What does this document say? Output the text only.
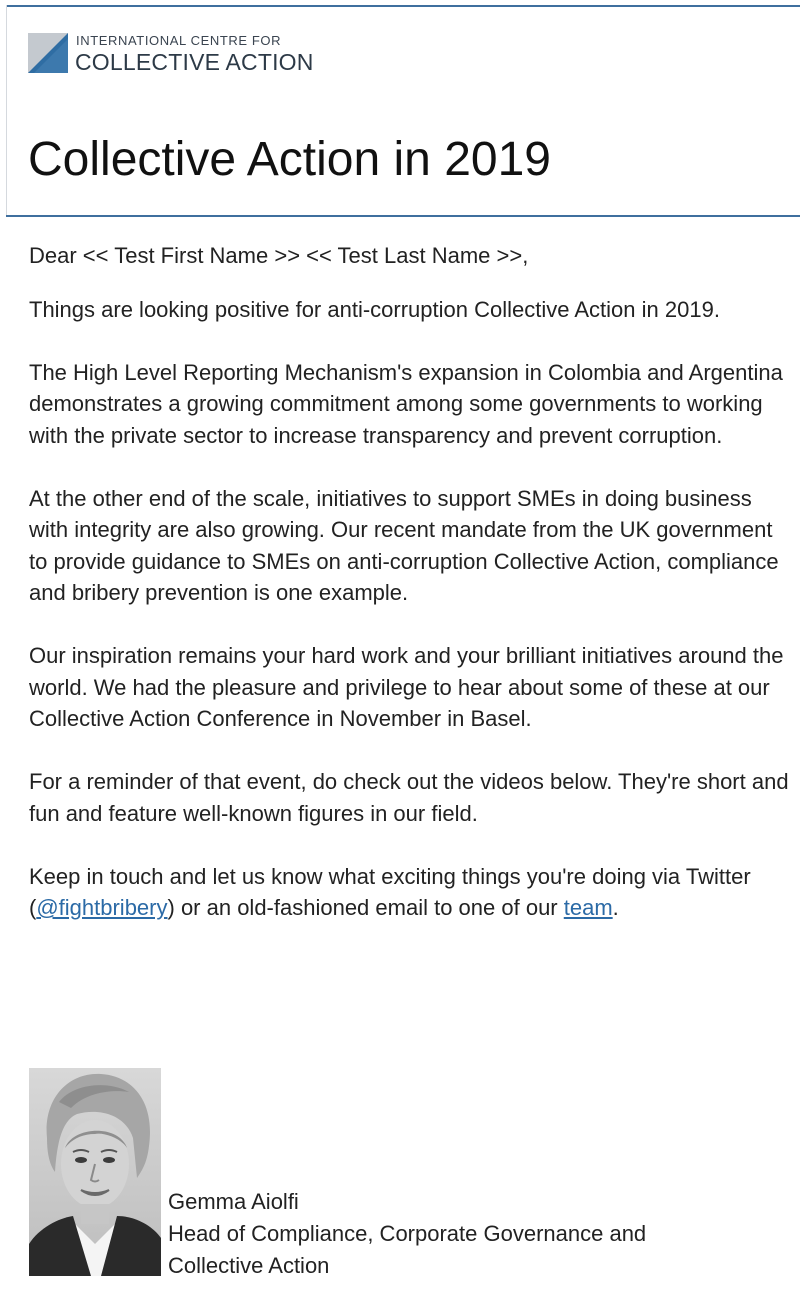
INTERNATIONAL CENTRE FOR
COLLECTIVE ACTION
Collective Action in 2019

Dear << Test First Name >> << Test Last Name >>,

Things are looking positive for anti-corruption Collective Action in 2019.

The High Level Reporting Mechanism's expansion in Colombia and Argentina demonstrates a growing commitment among some governments to working with the private sector to increase transparency and prevent corruption.

At the other end of the scale, initiatives to support SMEs in doing business with integrity are also growing. Our recent mandate from the UK government to provide guidance to SMEs on anti-corruption Collective Action, compliance and bribery prevention is one example.

Our inspiration remains your hard work and your brilliant initiatives around the world. We had the pleasure and privilege to hear about some of these at our Collective Action Conference in November in Basel.

For a reminder of that event, do check out the videos below. They're short and fun and feature well-known figures in our field.

Keep in touch and let us know what exciting things you're doing via Twitter (@fightbribery) or an old-fashioned email to one of our team.

Gemma Aiolfi
Head of Compliance, Corporate Governance and
Collective Action
